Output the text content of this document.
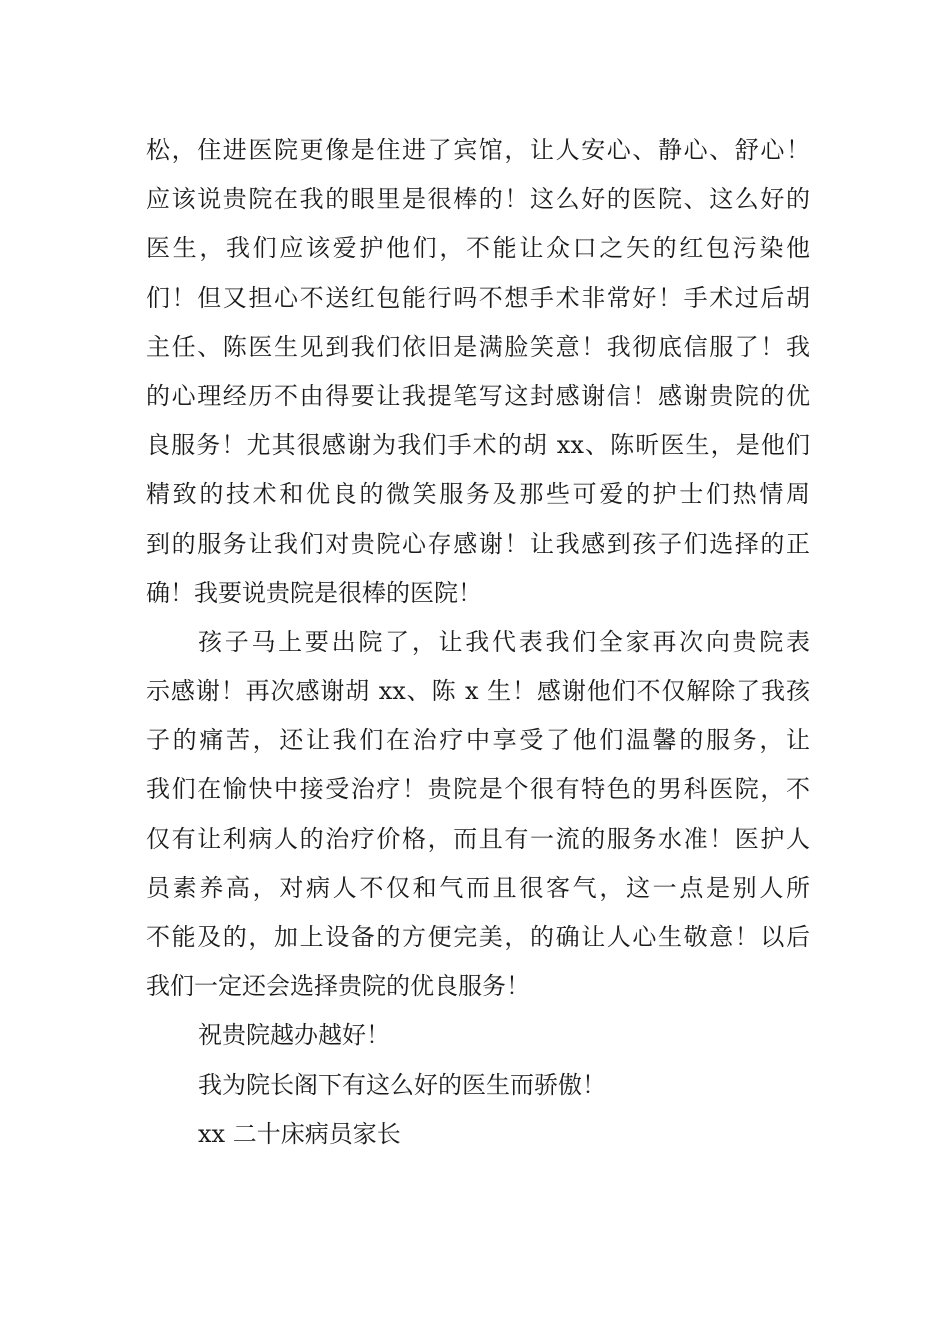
松，住进医院更像是住进了宾馆，让人安心、静心、舒心！
应该说贵院在我的眼里是很棒的！这么好的医院、这么好的
医生，我们应该爱护他们，不能让众口之矢的红包污染他
们！但又担心不送红包能行吗不想手术非常好！手术过后胡
主任、陈医生见到我们依旧是满脸笑意！我彻底信服了！我
的心理经历不由得要让我提笔写这封感谢信！感谢贵院的优
良服务！尤其很感谢为我们手术的胡 xx、陈昕医生，是他们
精致的技术和优良的微笑服务及那些可爱的护士们热情周
到的服务让我们对贵院心存感谢！让我感到孩子们选择的正
确！我要说贵院是很棒的医院！
孩子马上要出院了，让我代表我们全家再次向贵院表
示感谢！再次感谢胡 xx、陈 x 生！感谢他们不仅解除了我孩
子的痛苦，还让我们在治疗中享受了他们温馨的服务，让
我们在愉快中接受治疗！贵院是个很有特色的男科医院，不
仅有让利病人的治疗价格，而且有一流的服务水准！医护人
员素养高，对病人不仅和气而且很客气，这一点是别人所
不能及的，加上设备的方便完美，的确让人心生敬意！以后
我们一定还会选择贵院的优良服务！
祝贵院越办越好！
我为院长阁下有这么好的医生而骄傲！
xx 二十床病员家长
